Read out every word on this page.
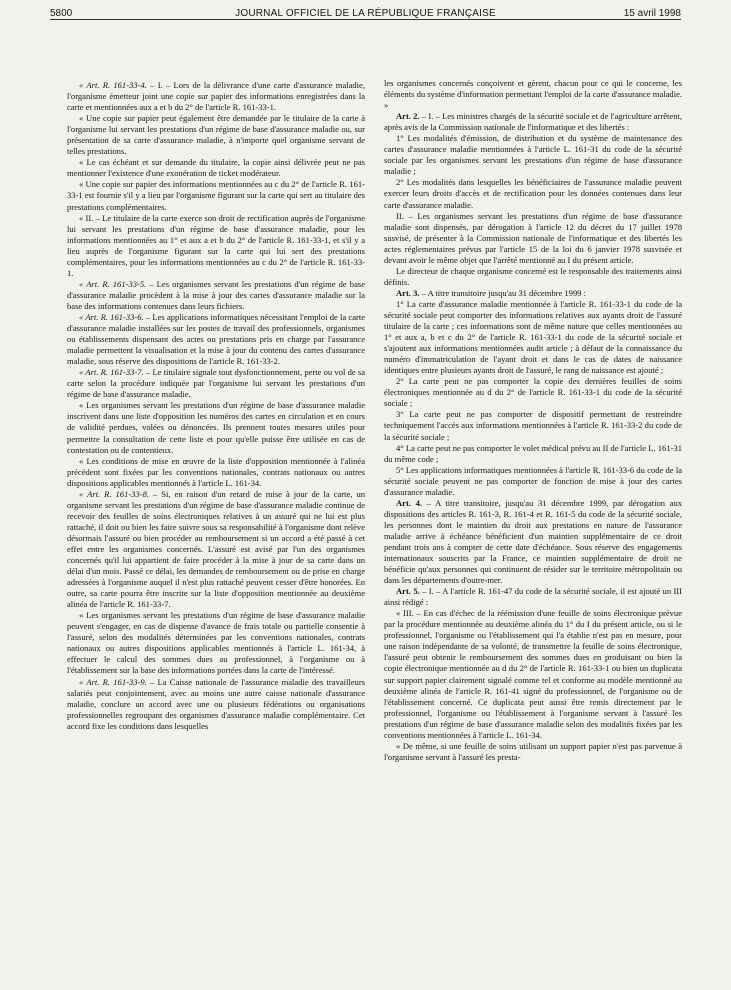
5800	JOURNAL OFFICIEL DE LA RÉPUBLIQUE FRANÇAISE	15 avril 1998

« Art. R. 161-33-4. – I. – Lors de la délivrance d'une carte d'assurance maladie, l'organisme émetteur joint une copie sur papier des informations enregistrées dans la carte et mentionnées aux a et b du 2° de l'article R. 161-33-1.

« Une copie sur papier peut également être demandée par le titulaire de la carte à l'organisme lui servant les prestations d'un régime de base d'assurance maladie ou, sur présentation de sa carte d'assurance maladie, à n'importe quel organisme servant de telles prestations.

« Le cas échéant et sur demande du titulaire, la copie ainsi délivrée peut ne pas mentionner l'existence d'une exonération de ticket modérateur.

« Une copie sur papier des informations mentionnées au c du 2° de l'article R. 161-33-1 est fournie s'il y a lieu par l'organisme figurant sur la carte qui sert au titulaire des prestations complémentaires.

« II. – Le titulaire de la carte exerce son droit de rectification auprès de l'organisme lui servant les prestations d'un régime de base d'assurance maladie, pour les informations mentionnées au 1° et aux a et b du 2° de l'article R. 161-33-1, et s'il y a lieu auprès de l'organisme figurant sur la carte qui lui sert des prestations complémentaires, pour les informations mentionnées au c du 2° de l'article R. 161-33-1.

« Art. R. 161-33-5. – Les organismes servant les prestations d'un régime de base d'assurance maladie procèdent à la mise à jour des cartes d'assurance maladie sur la base des informations contenues dans leurs fichiers.

« Art. R. 161-33-6. – Les applications informatiques nécessitant l'emploi de la carte d'assurance maladie installées sur les postes de travail des professionnels, organismes ou établissements dispensant des actes ou prestations pris en charge par l'assurance maladie permettent la visualisation et la mise à jour du contenu des cartes d'assurance maladie, sous réserve des dispositions de l'article R. 161-33-2.

« Art. R. 161-33-7. – Le titulaire signale tout dysfonctionnement, perte ou vol de sa carte selon la procédure indiquée par l'organisme lui servant les prestations d'un régime de base d'assurance maladie.

« Les organismes servant les prestations d'un régime de base d'assurance maladie inscrivent dans une liste d'opposition les numéros des cartes en circulation et en cours de validité perdues, volées ou dénoncées. Ils prennent toutes mesures utiles pour permettre la consultation de cette liste et pour qu'elle puisse être utilisée en cas de contestation ou de contentieux.

« Les conditions de mise en œuvre de la liste d'opposition mentionnée à l'alinéa précédent sont fixées par les conventions nationales, contrats nationaux ou autres dispositions applicables mentionnés à l'article L. 161-34.

« Art. R. 161-33-8. – Si, en raison d'un retard de mise à jour de la carte, un organisme servant les prestations d'un régime de base d'assurance maladie continue de recevoir des feuilles de soins électroniques relatives à un assuré qui ne lui est plus rattaché, il doit ou bien les faire suivre sous sa responsabilité à l'organisme dont relève désormais l'assuré ou bien procéder au remboursement si un accord a été passé à cet effet entre les organismes concernés. L'assuré est avisé par l'un des organismes concernés qu'il lui appartient de faire procéder à la mise à jour de sa carte dans un délai d'un mois. Passé ce délai, les demandes de remboursement ou de prise en charge adressées à l'organisme auquel il n'est plus rattaché peuvent cesser d'être honorées. En outre, sa carte pourra être inscrite sur la liste d'opposition mentionnée au deuxième alinéa de l'article R. 161-33-7.

« Les organismes servant les prestations d'un régime de base d'assurance maladie peuvent s'engager, en cas de dispense d'avance de frais totale ou partielle consentie à l'assuré, selon des modalités déterminées par les conventions nationales, contrats nationaux ou autres dispositions applicables mentionnés à l'article L. 161-34, à effectuer le calcul des sommes dues au professionnel, à l'organisme ou à l'établissement sur la base des informations portées dans la carte de l'intéressé.

« Art. R. 161-33-9. – La Caisse nationale de l'assurance maladie des travailleurs salariés peut conjointement, avec au moins une autre caisse nationale d'assurance maladie, conclure un accord avec une ou plusieurs fédérations ou organisations professionnelles regroupant des organismes d'assurance maladie complémentaire. Cet accord fixe les conditions dans lesquelles

les organismes concernés conçoivent et gèrent, chacun pour ce qui le concerne, les éléments du système d'information permettant l'emploi de la carte d'assurance maladie. »

Art. 2. – I. – Les ministres chargés de la sécurité sociale et de l'agriculture arrêtent, après avis de la Commission nationale de l'informatique et des libertés :

1° Les modalités d'émission, de distribution et du système de maintenance des cartes d'assurance maladie mentionnées à l'article L. 161-31 du code de la sécurité sociale par les organismes servant les prestations d'un régime de base d'assurance maladie ;

2° Les modalités dans lesquelles les bénéficiaires de l'assurance maladie peuvent exercer leurs droits d'accès et de rectification pour les données contenues dans leur carte d'assurance maladie.

II. – Les organismes servant les prestations d'un régime de base d'assurance maladie sont dispensés, par dérogation à l'article 12 du décret du 17 juillet 1978 susvisé, de présenter à la Commission nationale de l'informatique et des libertés les actes réglementaires prévus par l'article 15 de la loi du 6 janvier 1978 susvisée et devant avoir le même objet que l'arrêté mentionné au I du présent article.

Le directeur de chaque organisme concerné est le responsable des traitements ainsi définis.

Art. 3. – A titre transitoire jusqu'au 31 décembre 1999 :

1° La carte d'assurance maladie mentionnée à l'article R. 161-33-1 du code de la sécurité sociale peut comporter des informations relatives aux ayants droit de l'assuré titulaire de la carte ; ces informations sont de même nature que celles mentionnées au 1° et aux a, b et c du 2° de l'article R. 161-33-1 du code de la sécurité sociale et s'ajoutent aux informations mentionnées audit article ; à défaut de la connaissance du numéro d'immatriculation de l'ayant droit et dans le cas de dates de naissance identiques entre plusieurs ayants droit de l'assuré, le rang de naissance est ajouté ;

2° La carte peut ne pas comporter la copie des dernières feuilles de soins électroniques mentionnée au d du 2° de l'article R. 161-33-1 du code de la sécurité sociale ;

3° La carte peut ne pas comporter de dispositif permettant de restreindre techniquement l'accès aux informations mentionnées à l'article R. 161-33-2 du code de la sécurité sociale ;

4° La carte peut ne pas comporter le volet médical prévu au II de l'article L. 161-31 du même code ;

5° Les applications informatiques mentionnées à l'article R. 161-33-6 du code de la sécurité sociale peuvent ne pas comporter de fonction de mise à jour des cartes d'assurance maladie.

Art. 4. – A titre transitoire, jusqu'au 31 décembre 1999, par dérogation aux dispositions des articles R. 161-3, R. 161-4 et R. 161-5 du code de la sécurité sociale, les personnes dont le maintien du droit aux prestations en nature de l'assurance maladie arrive à échéance bénéficient d'un maintien supplémentaire de ce droit pendant trois ans à compter de cette date d'échéance. Sous réserve des engagements internationaux souscrits par la France, ce maintien supplémentaire de droit ne bénéficie qu'aux personnes qui continuent de résider sur le territoire métropolitain ou dans les départements d'outre-mer.

Art. 5. – I. – A l'article R. 161-47 du code de la sécurité sociale, il est ajouté un III ainsi rédigé :

« III. – En cas d'échec de la réémission d'une feuille de soins électronique prévue par la procédure mentionnée au deuxième alinéa du 1° du I du présent article, ou si le professionnel, l'organisme ou l'établissement qui l'a établie n'est pas en mesure, pour une raison indépendante de sa volonté, de transmettre la feuille de soins électronique, l'assuré peut obtenir le remboursement des sommes dues en produisant ou bien la copie électronique mentionnée au d du 2° de l'article R. 161-33-1 ou bien un duplicata sur support papier clairement signalé comme tel et conforme au modèle mentionné au deuxième alinéa de l'article R. 161-41 signé du professionnel, de l'organisme ou de l'établissement concerné. Ce duplicata peut aussi être remis directement par le professionnel, l'organisme ou l'établissement à l'organisme servant à l'assuré les prestations d'un régime de base d'assurance maladie selon des modalités fixées par les conventions mentionnées à l'article L. 161-34.

« De même, si une feuille de soins utilisant un support papier n'est pas parvenue à l'organisme servant à l'assuré les presta-
